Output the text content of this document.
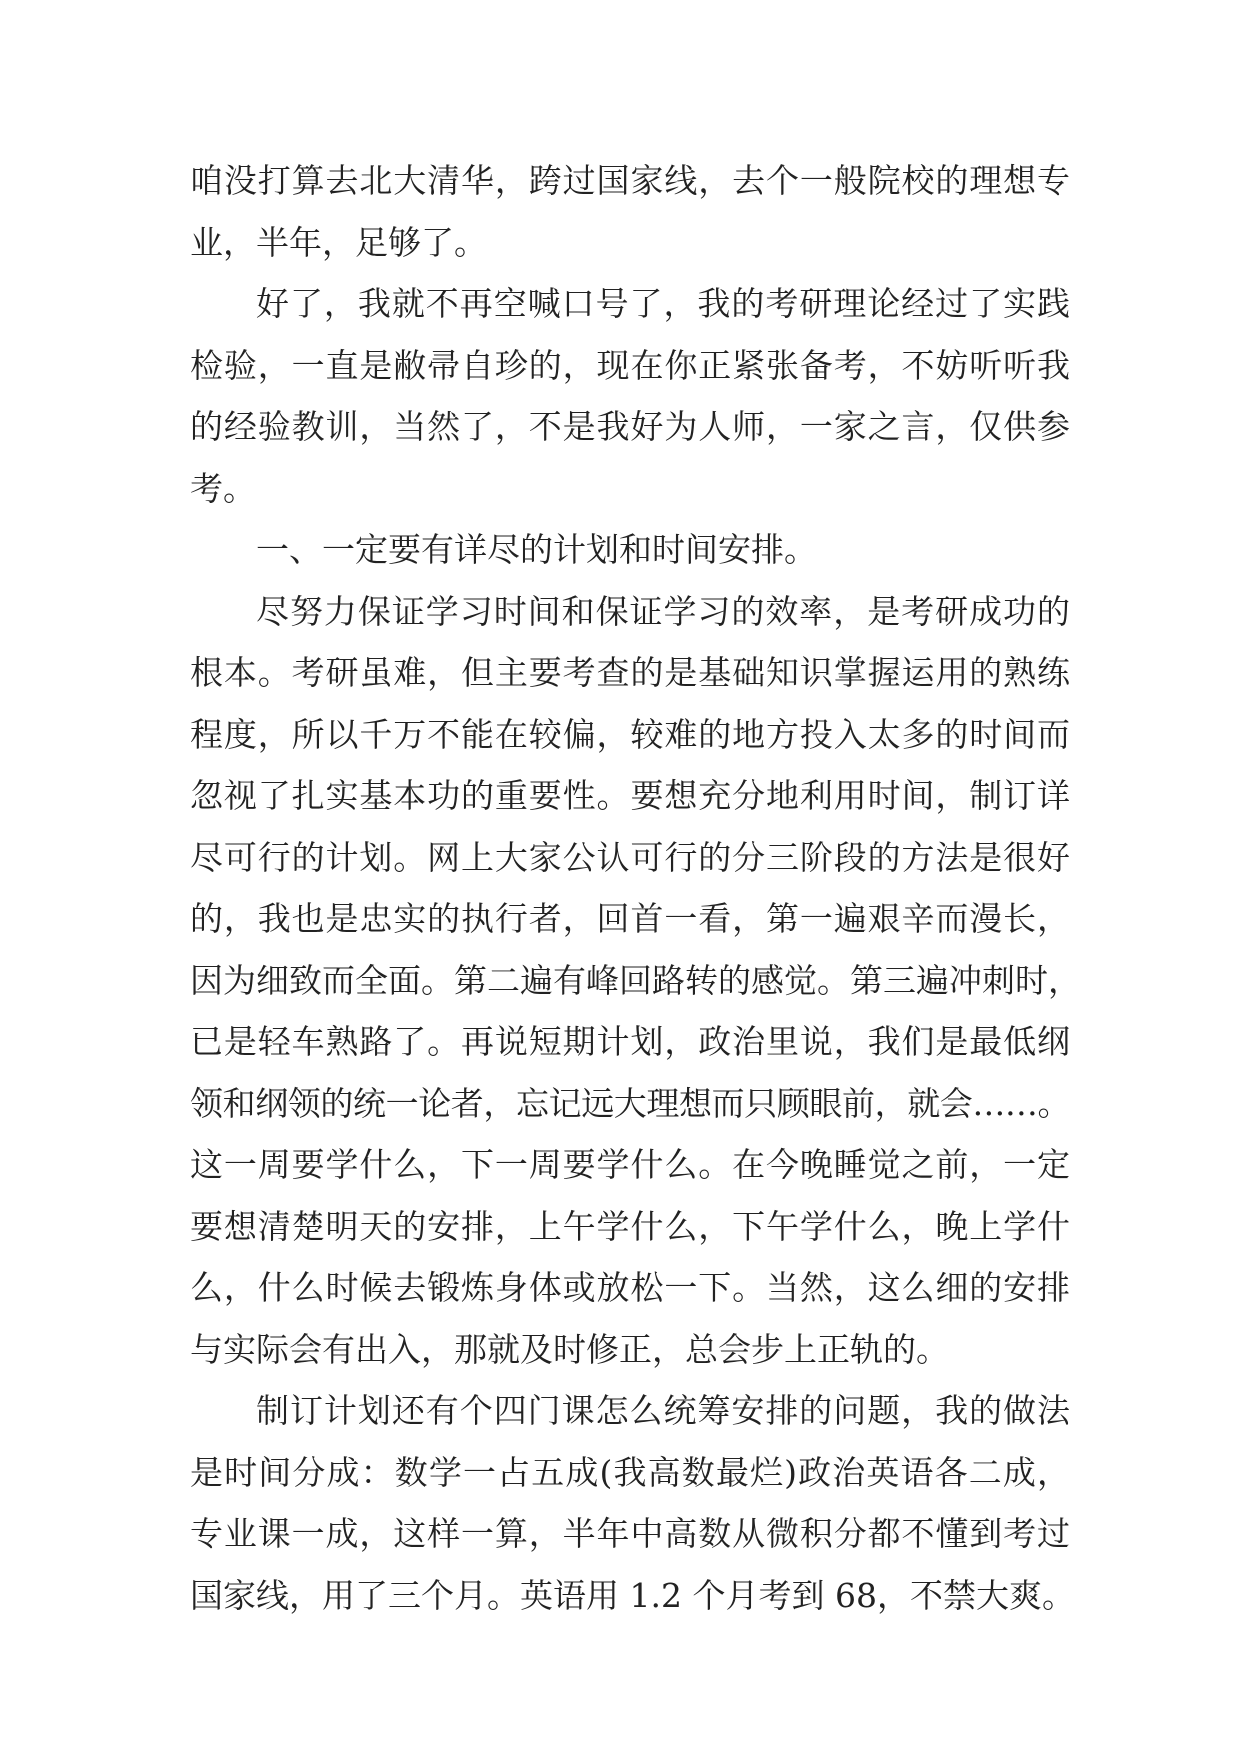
咱没打算去北大清华，跨过国家线，去个一般院校的理想专
业，半年，足够了。
好了，我就不再空喊口号了，我的考研理论经过了实践
检验，一直是敝帚自珍的，现在你正紧张备考，不妨听听我
的经验教训，当然了，不是我好为人师，一家之言，仅供参
考。
一、一定要有详尽的计划和时间安排。
尽努力保证学习时间和保证学习的效率，是考研成功的
根本。考研虽难，但主要考查的是基础知识掌握运用的熟练
程度，所以千万不能在较偏，较难的地方投入太多的时间而
忽视了扎实基本功的重要性。要想充分地利用时间，制订详
尽可行的计划。网上大家公认可行的分三阶段的方法是很好
的，我也是忠实的执行者，回首一看，第一遍艰辛而漫长，
因为细致而全面。第二遍有峰回路转的感觉。第三遍冲刺时，
已是轻车熟路了。再说短期计划，政治里说，我们是最低纲
领和纲领的统一论者，忘记远大理想而只顾眼前，就会……。
这一周要学什么，下一周要学什么。在今晚睡觉之前，一定
要想清楚明天的安排，上午学什么，下午学什么，晚上学什
么，什么时候去锻炼身体或放松一下。当然，这么细的安排
与实际会有出入，那就及时修正，总会步上正轨的。
制订计划还有个四门课怎么统筹安排的问题，我的做法
是时间分成：数学一占五成(我高数最烂)政治英语各二成，
专业课一成，这样一算，半年中高数从微积分都不懂到考过
国家线，用了三个月。英语用 1.2 个月考到 68，不禁大爽。
